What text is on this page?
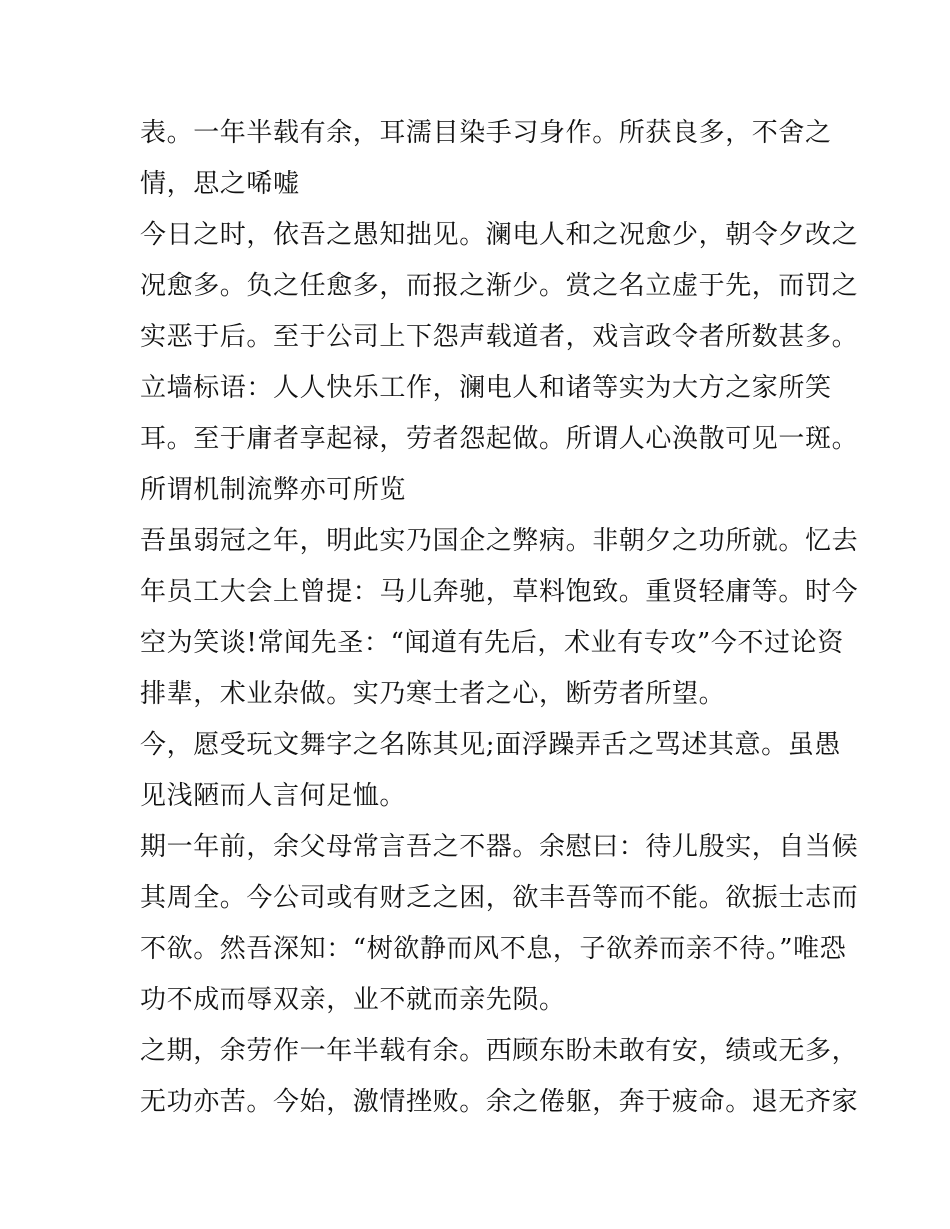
表。一年半载有余，耳濡目染手习身作。所获良多，不舍之
情，思之唏嘘
今日之时，依吾之愚知拙见。澜电人和之况愈少，朝令夕改之
况愈多。负之任愈多，而报之渐少。赏之名立虚于先，而罚之
实恶于后。至于公司上下怨声载道者，戏言政令者所数甚多。
立墙标语：人人快乐工作，澜电人和诸等实为大方之家所笑
耳。至于庸者享起禄，劳者怨起做。所谓人心涣散可见一斑。
所谓机制流弊亦可所览
吾虽弱冠之年，明此实乃国企之弊病。非朝夕之功所就。忆去
年员工大会上曾提：马儿奔驰，草料饱致。重贤轻庸等。时今
空为笑谈!常闻先圣：“闻道有先后，术业有专攻”今不过论资
排辈，术业杂做。实乃寒士者之心，断劳者所望。
今，愿受玩文舞字之名陈其见;面浮躁弄舌之骂述其意。虽愚
见浅陋而人言何足恤。
期一年前，余父母常言吾之不器。余慰曰：待儿殷实，自当候
其周全。今公司或有财乏之困，欲丰吾等而不能。欲振士志而
不欲。然吾深知：“树欲静而风不息，子欲养而亲不待。”唯恐
功不成而辱双亲，业不就而亲先陨。
之期，余劳作一年半载有余。西顾东盼未敢有安，绩或无多，
无功亦苦。今始，激情挫败。余之倦躯，奔于疲命。退无齐家
